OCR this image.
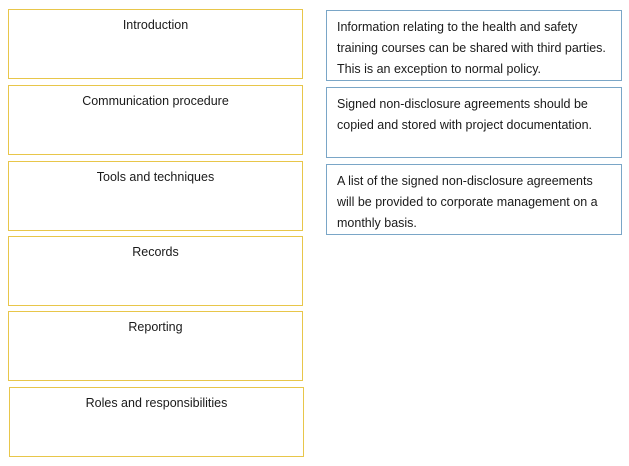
Introduction
Communication procedure
Tools and techniques
Records
Reporting
Roles and responsibilities
Information relating to the health and safety training courses can be shared with third parties. This is an exception to normal policy.
Signed non-disclosure agreements should be copied and stored with project documentation.
A list of the signed non-disclosure agreements will be provided to corporate management on a monthly basis.
